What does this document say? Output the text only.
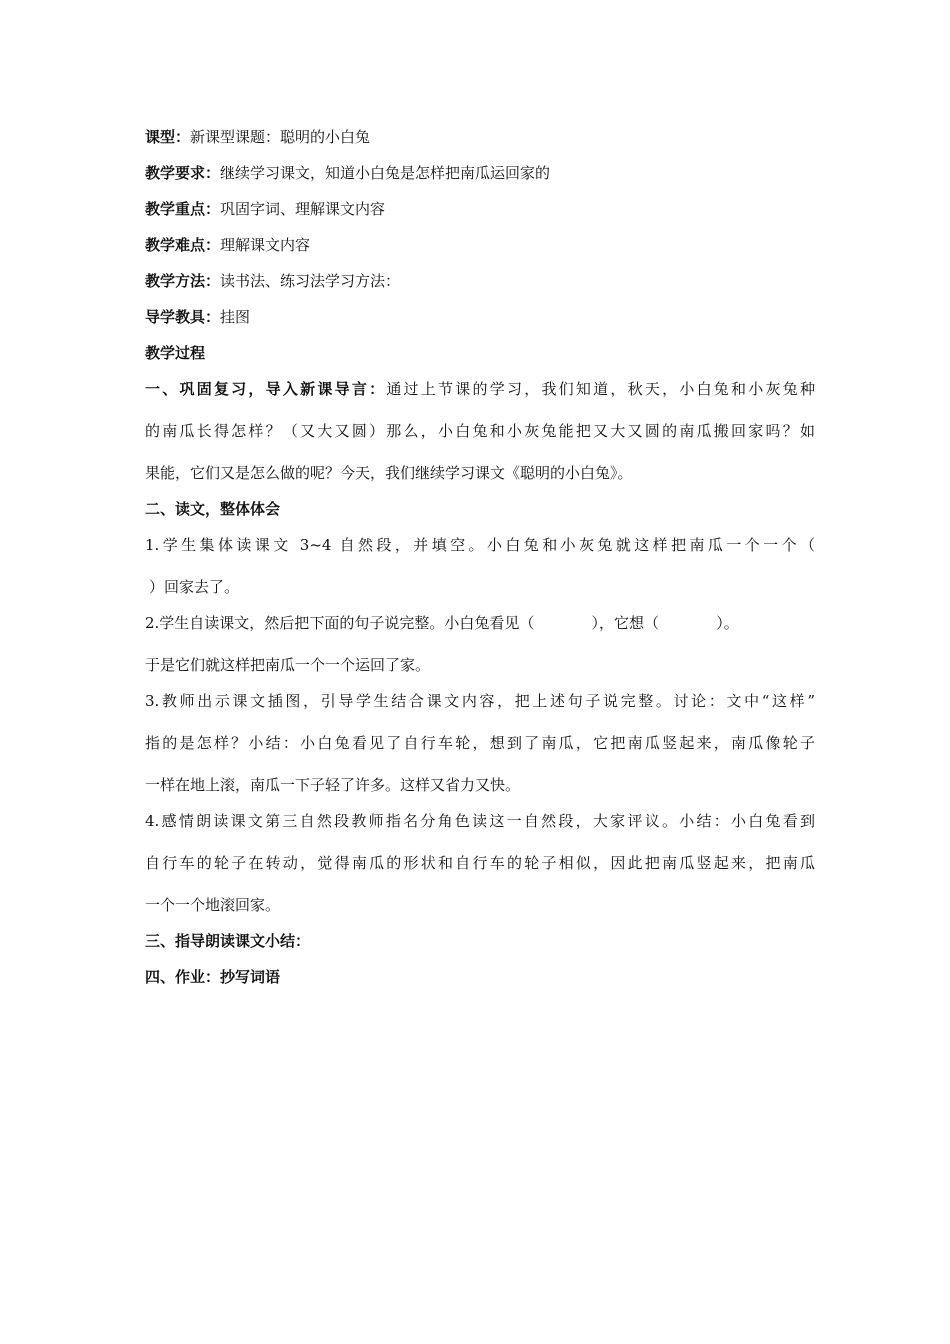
课型：新课型课题：聪明的小白兔
教学要求：继续学习课文，知道小白兔是怎样把南瓜运回家的
教学重点：巩固字词、理解课文内容
教学难点：理解课文内容
教学方法：读书法、练习法学习方法：
导学教具：挂图
教学过程
一、巩固复习，导入新课导言：通过上节课的学习，我们知道，秋天，小白兔和小灰兔种
的南瓜长得怎样？（又大又圆）那么，小白兔和小灰兔能把又大又圆的南瓜搬回家吗？如
果能，它们又是怎么做的呢？今天，我们继续学习课文《聪明的小白兔》。
二、读文，整体体会
1.学生集体读课文 3~4 自然段，并填空。小白兔和小灰兔就这样把南瓜一个一个（
）回家去了。
2.学生自读课文，然后把下面的句子说完整。小白兔看见（            ），它想（            ）。
于是它们就这样把南瓜一个一个运回了家。
3.教师出示课文插图，引导学生结合课文内容，把上述句子说完整。讨论：文中“这样”
指的是怎样？小结：小白兔看见了自行车轮，想到了南瓜，它把南瓜竖起来，南瓜像轮子
一样在地上滚，南瓜一下子轻了许多。这样又省力又快。
4.感情朗读课文第三自然段教师指名分角色读这一自然段，大家评议。小结：小白兔看到
自行车的轮子在转动，觉得南瓜的形状和自行车的轮子相似，因此把南瓜竖起来，把南瓜
一个一个地滚回家。
三、指导朗读课文小结：
四、作业：抄写词语
